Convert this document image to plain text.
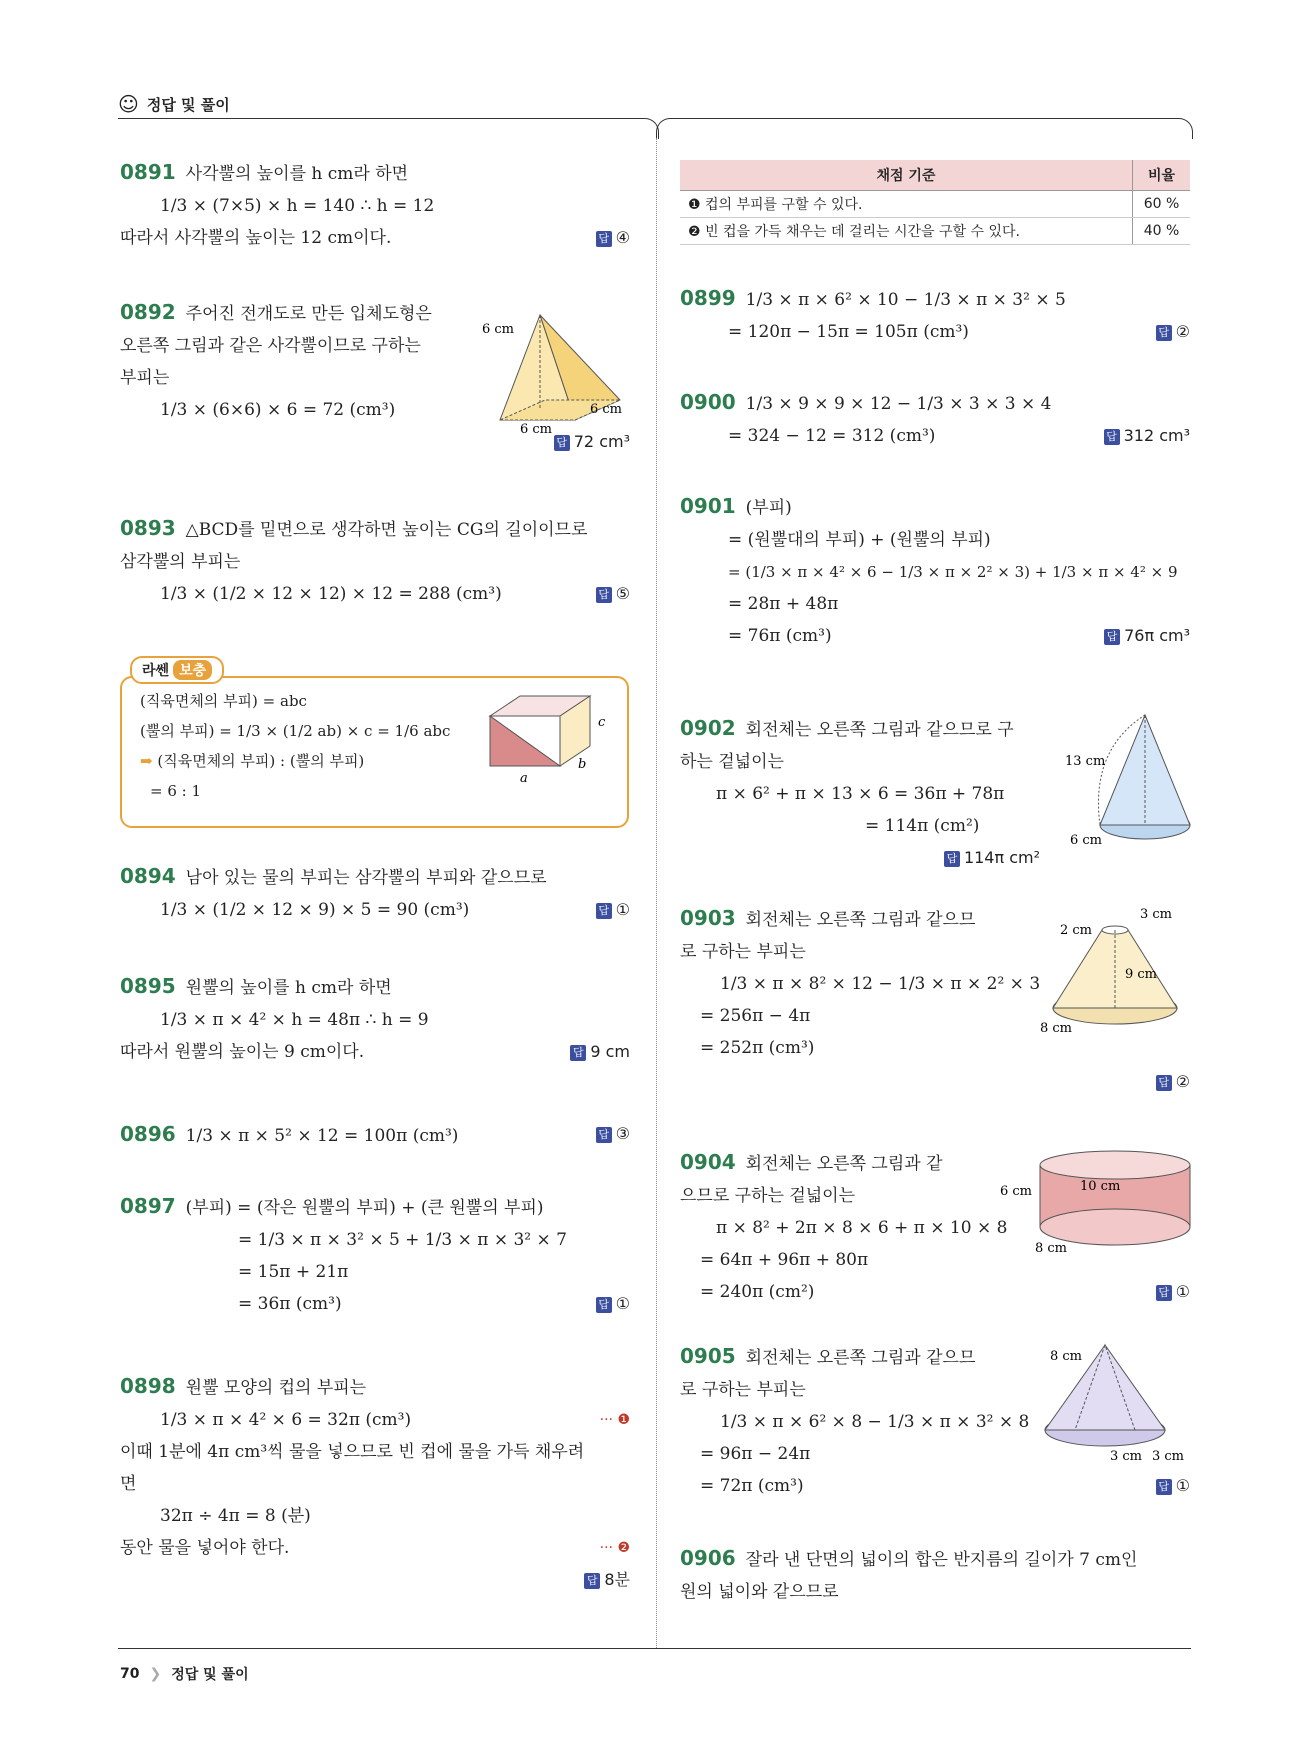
☺ 정답 및 풀이
0891 사각뿔의 높이를 h cm라 하면
1/3 × (7×5) × h = 140 ∴ h = 12
따라서 사각뿔의 높이는 12 cm이다.	답 ④
0892 주어진 전개도로 만든 입체도형은
오른쪽 그림과 같은 사각뿔이므로 구하는
부피는
1/3 × (6×6) × 6 = 72 (cm³)
답 72 cm³
6 cm
6 cm
6 cm
0893 △BCD를 밑면으로 생각하면 높이는 CG의 길이이므로
삼각뿔의 부피는
1/3 × (1/2 × 12 × 12) × 12 = 288 (cm³)	답 ⑤
라쎈 보충
(직육면체의 부피) = abc
(뿔의 부피) = 1/3 × (1/2 ab) × c = 1/6 abc
➡ (직육면체의 부피) : (뿔의 부피)
= 6 : 1
a
b
c
0894 남아 있는 물의 부피는 삼각뿔의 부피와 같으므로
1/3 × (1/2 × 12 × 9) × 5 = 90 (cm³)	답 ①
0895 원뿔의 높이를 h cm라 하면
1/3 × π × 4² × h = 48π ∴ h = 9
따라서 원뿔의 높이는 9 cm이다.	답 9 cm
0896 1/3 × π × 5² × 12 = 100π (cm³)	답 ③
0897 (부피) = (작은 원뿔의 부피) + (큰 원뿔의 부피)
= 1/3 × π × 3² × 5 + 1/3 × π × 3² × 7
= 15π + 21π
= 36π (cm³)	답 ①
0898 원뿔 모양의 컵의 부피는
1/3 × π × 4² × 6 = 32π (cm³)	··· ❶
이때 1분에 4π cm³씩 물을 넣으므로 빈 컵에 물을 가득 채우려
면
32π ÷ 4π = 8 (분)
동안 물을 넣어야 한다.	··· ❷
답 8분
채점 기준	비율
❶ 컵의 부피를 구할 수 있다.	60 %
❷ 빈 컵을 가득 채우는 데 걸리는 시간을 구할 수 있다.	40 %
0899 1/3 × π × 6² × 10 − 1/3 × π × 3² × 5
= 120π − 15π = 105π (cm³)	답 ②
0900 1/3 × 9 × 9 × 12 − 1/3 × 3 × 3 × 4
= 324 − 12 = 312 (cm³)	답 312 cm³
0901 (부피)
= (원뿔대의 부피) + (원뿔의 부피)
= (1/3 × π × 4² × 6 − 1/3 × π × 2² × 3) + 1/3 × π × 4² × 9
= 28π + 48π
= 76π (cm³)	답 76π cm³
0902 회전체는 오른쪽 그림과 같으므로 구
하는 겉넓이는
π × 6² + π × 13 × 6 = 36π + 78π
= 114π (cm²)
답 114π cm²
13 cm
6 cm
0903 회전체는 오른쪽 그림과 같으므
로 구하는 부피는
1/3 × π × 8² × 12 − 1/3 × π × 2² × 3
= 256π − 4π
= 252π (cm³)
답 ②
3 cm
2 cm
9 cm
8 cm
0904 회전체는 오른쪽 그림과 같
으므로 구하는 겉넓이는
π × 8² + 2π × 8 × 6 + π × 10 × 8
= 64π + 96π + 80π
= 240π (cm²)	답 ①
6 cm	10 cm
8 cm
0905 회전체는 오른쪽 그림과 같으므
로 구하는 부피는
1/3 × π × 6² × 8 − 1/3 × π × 3² × 8
= 96π − 24π
= 72π (cm³)	답 ①
8 cm
3 cm 3 cm
0906 잘라 낸 단면의 넓이의 합은 반지름의 길이가 7 cm인
원의 넓이와 같으므로
70 ❯ 정답 및 풀이
